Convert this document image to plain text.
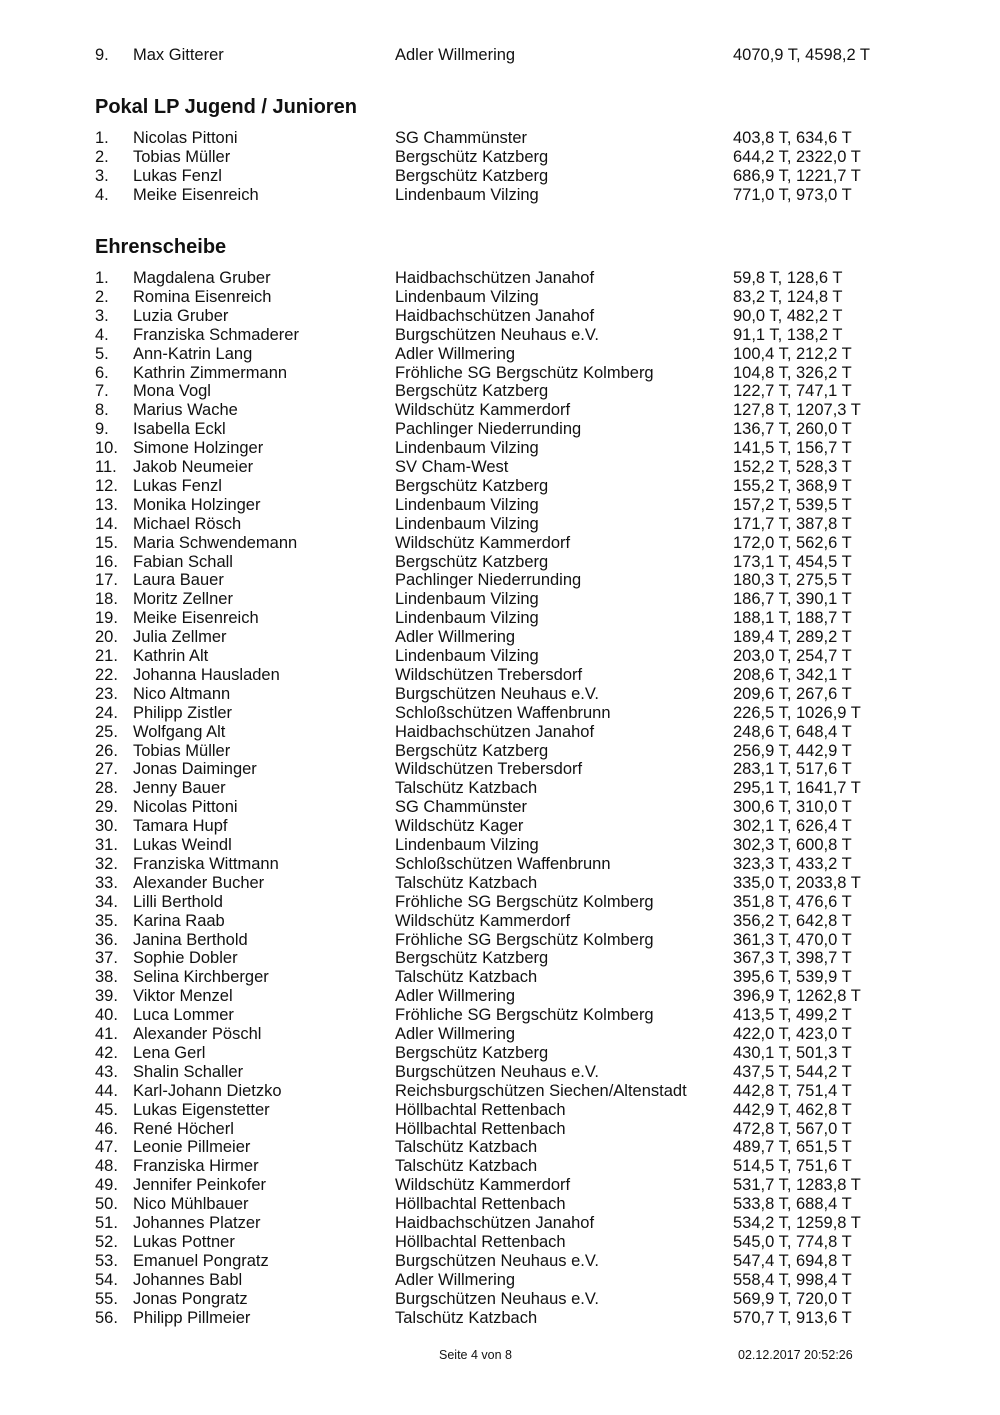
9. Max Gitterer	Adler Willmering	4070,9 T, 4598,2 T
Pokal LP Jugend / Junioren
1. Nicolas Pittoni	SG Chammünster	403,8 T, 634,6 T
2. Tobias Müller	Bergschütz Katzberg	644,2 T, 2322,0 T
3. Lukas Fenzl	Bergschütz Katzberg	686,9 T, 1221,7 T
4. Meike Eisenreich	Lindenbaum Vilzing	771,0 T, 973,0 T
Ehrenscheibe
1. Magdalena Gruber	Haidbachschützen Janahof	59,8 T, 128,6 T
2. Romina Eisenreich	Lindenbaum Vilzing	83,2 T, 124,8 T
3. Luzia Gruber	Haidbachschützen Janahof	90,0 T, 482,2 T
4. Franziska Schmaderer	Burgschützen Neuhaus e.V.	91,1 T, 138,2 T
5. Ann-Katrin Lang	Adler Willmering	100,4 T, 212,2 T
6. Kathrin Zimmermann	Fröhliche SG Bergschütz Kolmberg	104,8 T, 326,2 T
7. Mona Vogl	Bergschütz Katzberg	122,7 T, 747,1 T
8. Marius Wache	Wildschütz Kammerdorf	127,8 T, 1207,3 T
9. Isabella Eckl	Pachlinger Niederrunding	136,7 T, 260,0 T
10. Simone Holzinger	Lindenbaum Vilzing	141,5 T, 156,7 T
11. Jakob Neumeier	SV Cham-West	152,2 T, 528,3 T
12. Lukas Fenzl	Bergschütz Katzberg	155,2 T, 368,9 T
13. Monika Holzinger	Lindenbaum Vilzing	157,2 T, 539,5 T
14. Michael Rösch	Lindenbaum Vilzing	171,7 T, 387,8 T
15. Maria Schwendemann	Wildschütz Kammerdorf	172,0 T, 562,6 T
16. Fabian Schall	Bergschütz Katzberg	173,1 T, 454,5 T
17. Laura Bauer	Pachlinger Niederrunding	180,3 T, 275,5 T
18. Moritz Zellner	Lindenbaum Vilzing	186,7 T, 390,1 T
19. Meike Eisenreich	Lindenbaum Vilzing	188,1 T, 188,7 T
20. Julia Zellmer	Adler Willmering	189,4 T, 289,2 T
21. Kathrin Alt	Lindenbaum Vilzing	203,0 T, 254,7 T
22. Johanna Hausladen	Wildschützen Trebersdorf	208,6 T, 342,1 T
23. Nico Altmann	Burgschützen Neuhaus e.V.	209,6 T, 267,6 T
24. Philipp Zistler	Schloßschützen Waffenbrunn	226,5 T, 1026,9 T
25. Wolfgang Alt	Haidbachschützen Janahof	248,6 T, 648,4 T
26. Tobias Müller	Bergschütz Katzberg	256,9 T, 442,9 T
27. Jonas Daiminger	Wildschützen Trebersdorf	283,1 T, 517,6 T
28. Jenny Bauer	Talschütz Katzbach	295,1 T, 1641,7 T
29. Nicolas Pittoni	SG Chammünster	300,6 T, 310,0 T
30. Tamara Hupf	Wildschütz Kager	302,1 T, 626,4 T
31. Lukas Weindl	Lindenbaum Vilzing	302,3 T, 600,8 T
32. Franziska Wittmann	Schloßschützen Waffenbrunn	323,3 T, 433,2 T
33. Alexander Bucher	Talschütz Katzbach	335,0 T, 2033,8 T
34. Lilli Berthold	Fröhliche SG Bergschütz Kolmberg	351,8 T, 476,6 T
35. Karina Raab	Wildschütz Kammerdorf	356,2 T, 642,8 T
36. Janina Berthold	Fröhliche SG Bergschütz Kolmberg	361,3 T, 470,0 T
37. Sophie Dobler	Bergschütz Katzberg	367,3 T, 398,7 T
38. Selina Kirchberger	Talschütz Katzbach	395,6 T, 539,9 T
39. Viktor Menzel	Adler Willmering	396,9 T, 1262,8 T
40. Luca Lommer	Fröhliche SG Bergschütz Kolmberg	413,5 T, 499,2 T
41. Alexander Pöschl	Adler Willmering	422,0 T, 423,0 T
42. Lena Gerl	Bergschütz Katzberg	430,1 T, 501,3 T
43. Shalin Schaller	Burgschützen Neuhaus e.V.	437,5 T, 544,2 T
44. Karl-Johann Dietzko	Reichsburgschützen Siechen/Altenstadt	442,8 T, 751,4 T
45. Lukas Eigenstetter	Höllbachtal Rettenbach	442,9 T, 462,8 T
46. René Höcherl	Höllbachtal Rettenbach	472,8 T, 567,0 T
47. Leonie Pillmeier	Talschütz Katzbach	489,7 T, 651,5 T
48. Franziska Hirmer	Talschütz Katzbach	514,5 T, 751,6 T
49. Jennifer Peinkofer	Wildschütz Kammerdorf	531,7 T, 1283,8 T
50. Nico Mühlbauer	Höllbachtal Rettenbach	533,8 T, 688,4 T
51. Johannes Platzer	Haidbachschützen Janahof	534,2 T, 1259,8 T
52. Lukas Pottner	Höllbachtal Rettenbach	545,0 T, 774,8 T
53. Emanuel Pongratz	Burgschützen Neuhaus e.V.	547,4 T, 694,8 T
54. Johannes Babl	Adler Willmering	558,4 T, 998,4 T
55. Jonas Pongratz	Burgschützen Neuhaus e.V.	569,9 T, 720,0 T
56. Philipp Pillmeier	Talschütz Katzbach	570,7 T, 913,6 T
Seite 4 von 8	02.12.2017 20:52:26
